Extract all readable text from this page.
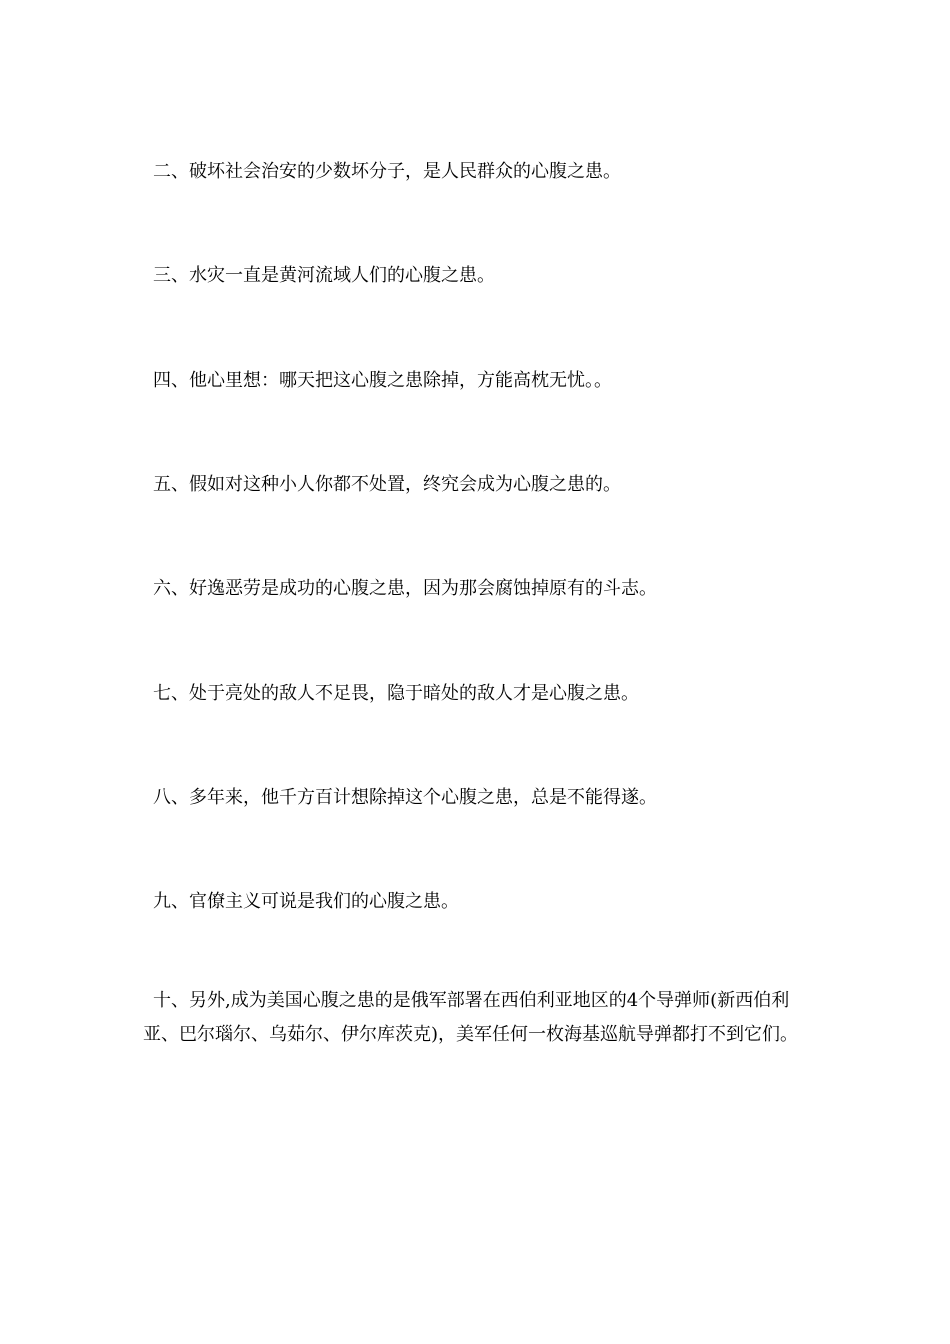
二、破坏社会治安的少数坏分子，是人民群众的心腹之患。

三、水灾一直是黄河流域人们的心腹之患。

四、他心里想：哪天把这心腹之患除掉，方能高枕无忧。。

五、假如对这种小人你都不处置，终究会成为心腹之患的。

六、好逸恶劳是成功的心腹之患，因为那会腐蚀掉原有的斗志。

七、处于亮处的敌人不足畏，隐于暗处的敌人才是心腹之患。

八、多年来，他千方百计想除掉这个心腹之患，总是不能得遂。

九、官僚主义可说是我们的心腹之患。

十、另外,成为美国心腹之患的是俄军部署在西伯利亚地区的4个导弹师(新西伯利亚、巴尔瑙尔、乌茹尔、伊尔库茨克)，美军任何一枚海基巡航导弹都打不到它们。
